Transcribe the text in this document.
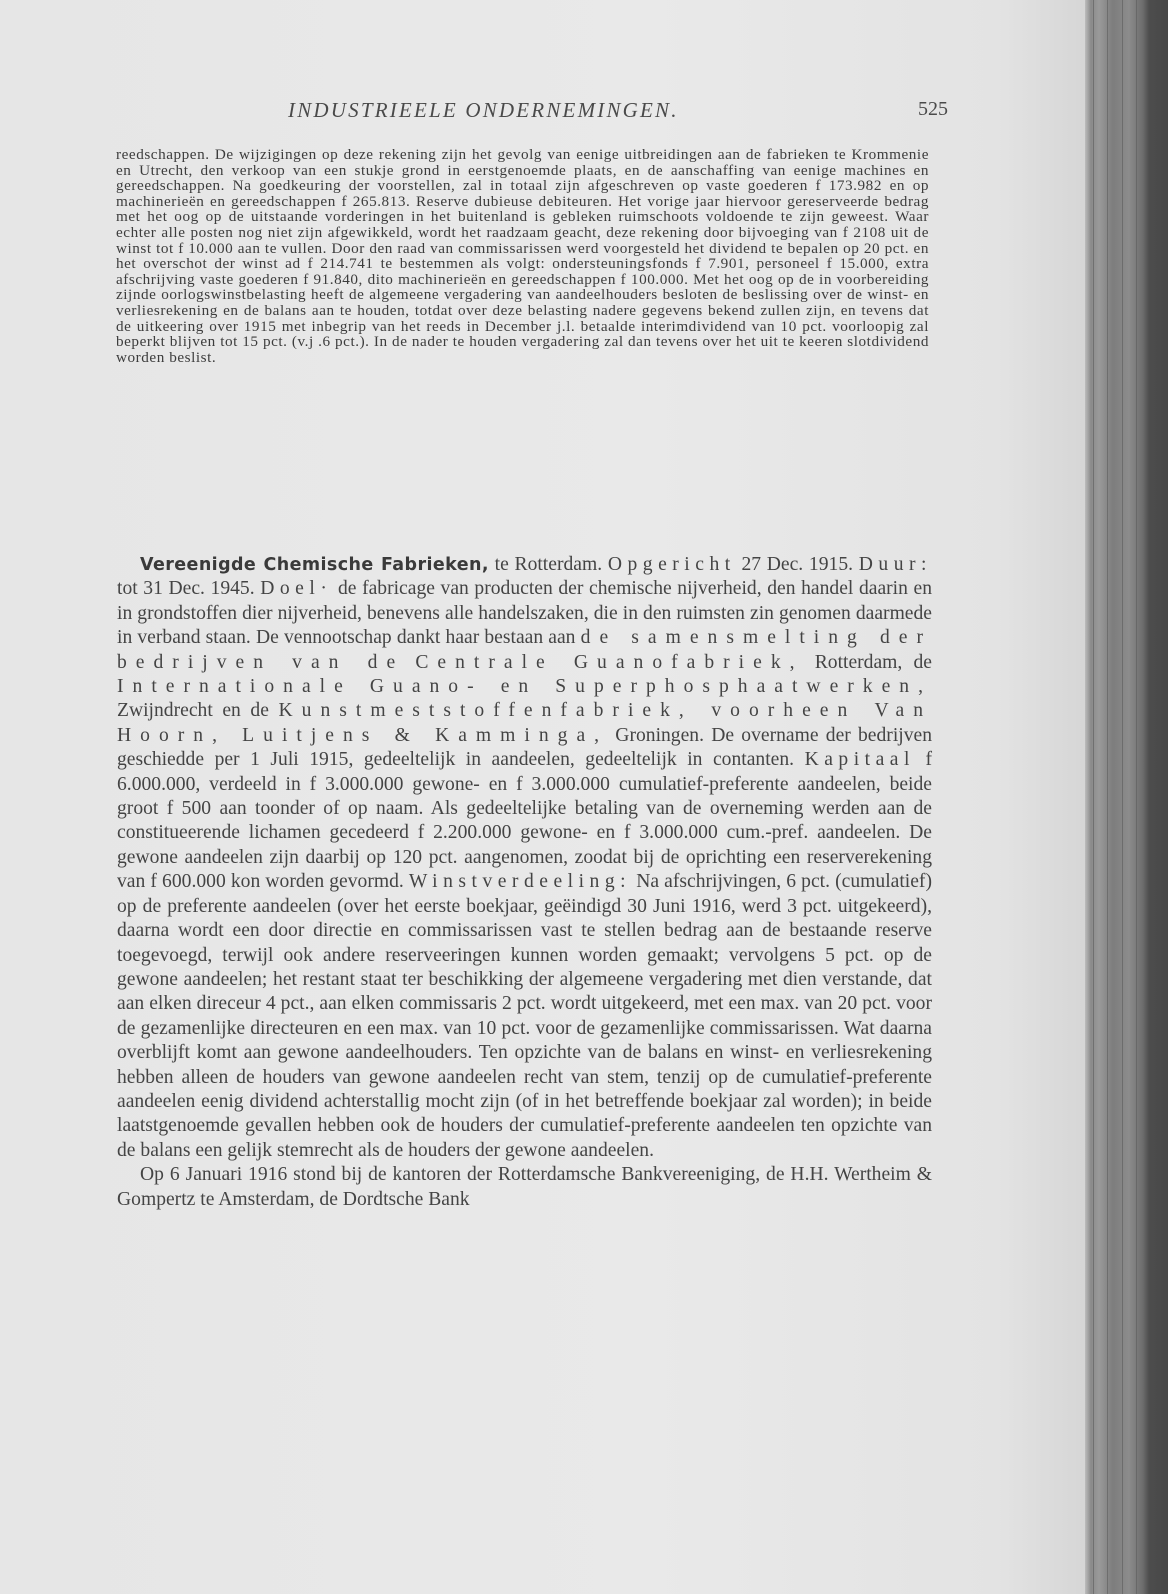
INDUSTRIEELE ONDERNEMINGEN.	525
reedschappen. De wijzigingen op deze rekening zijn het gevolg van eenige uitbreidingen aan de fabrieken te Krommenie en Utrecht, den verkoop van een stukje grond in eerstgenoemde plaats, en de aanschaffing van eenige machines en gereedschappen. Na goedkeuring der voorstellen, zal in totaal zijn afgeschreven op vaste goederen f 173.982 en op machinerieën en gereedschappen f 265.813. Reserve dubieuse debiteuren. Het vorige jaar hiervoor gereserveerde bedrag met het oog op de uitstaande vorderingen in het buitenland is gebleken ruimschoots voldoende te zijn geweest. Waar echter alle posten nog niet zijn afgewikkeld, wordt het raadzaam geacht, deze rekening door bijvoeging van f 2108 uit de winst tot f 10.000 aan te vullen. Door den raad van commissarissen werd voorgesteld het dividend te bepalen op 20 pct. en het overschot der winst ad f 214.741 te bestemmen als volgt: ondersteuningsfonds f 7.901, personeel f 15.000, extra afschrijving vaste goederen f 91.840, dito machinerieën en gereedschappen f 100.000. Met het oog op de in voorbereiding zijnde oorlogswinstbelasting heeft de algemeene vergadering van aandeelhouders besloten de beslissing over de winst- en verliesrekening en de balans aan te houden, totdat over deze belasting nadere gegevens bekend zullen zijn, en tevens dat de uitkeering over 1915 met inbegrip van het reeds in December j.l. betaalde interimdividend van 10 pct. voorloopig zal beperkt blijven tot 15 pct. (v.j .6 pct.). In de nader te houden vergadering zal dan tevens over het uit te keeren slotdividend worden beslist.

Vereenigde Chemische Fabrieken, te Rotterdam. Opgericht 27 Dec. 1915. Duur: tot 31 Dec. 1945. Doel· de fabricage van producten der chemische nijverheid, den handel daarin en in grondstoffen dier nijverheid, benevens alle handelszaken, die in den ruimsten zin genomen daarmede in verband staan. De vennootschap dankt haar bestaan aan de samensmelting der bedrijven van de Centrale Guanofabriek, Rotterdam, de Internationale Guano- en Superphosphaatwerken, Zwijndrecht en de Kunstmeststoffenfabriek, voorheen Van Hoorn, Luitjens & Kamminga, Groningen. De overname der bedrijven geschiedde per 1 Juli 1915, gedeeltelijk in aandeelen, gedeeltelijk in contanten. Kapitaal f 6.000.000, verdeeld in f 3.000.000 gewone- en f 3.000.000 cumulatief-preferente aandeelen, beide groot f 500 aan toonder of op naam. Als gedeeltelijke betaling van de overneming werden aan de constitueerende lichamen gecedeerd f 2.200.000 gewone- en f 3.000.000 cum.-pref. aandeelen. De gewone aandeelen zijn daarbij op 120 pct. aangenomen, zoodat bij de oprichting een reserverekening van f 600.000 kon worden gevormd. Winstverdeeling: Na afschrijvingen, 6 pct. (cumulatief) op de preferente aandeelen (over het eerste boekjaar, geëindigd 30 Juni 1916, werd 3 pct. uitgekeerd), daarna wordt een door directie en commissarissen vast te stellen bedrag aan de bestaande reserve toegevoegd, terwijl ook andere reserveeringen kunnen worden gemaakt; vervolgens 5 pct. op de gewone aandeelen; het restant staat ter beschikking der algemeene vergadering met dien verstande, dat aan elken direceur 4 pct., aan elken commissaris 2 pct. wordt uitgekeerd, met een max. van 20 pct. voor de gezamenlijke directeuren en een max. van 10 pct. voor de gezamenlijke commissarissen. Wat daarna overblijft komt aan gewone aandeelhouders. Ten opzichte van de balans en winst- en verliesrekening hebben alleen de houders van gewone aandeelen recht van stem, tenzij op de cumulatief-preferente aandeelen eenig dividend achterstallig mocht zijn (of in het betreffende boekjaar zal worden); in beide laatstgenoemde gevallen hebben ook de houders der cumulatief-preferente aandeelen ten opzichte van de balans een gelijk stemrecht als de houders der gewone aandeelen.

Op 6 Januari 1916 stond bij de kantoren der Rotterdamsche Bankvereeniging, de H.H. Wertheim & Gompertz te Amsterdam, de Dordtsche Bank
